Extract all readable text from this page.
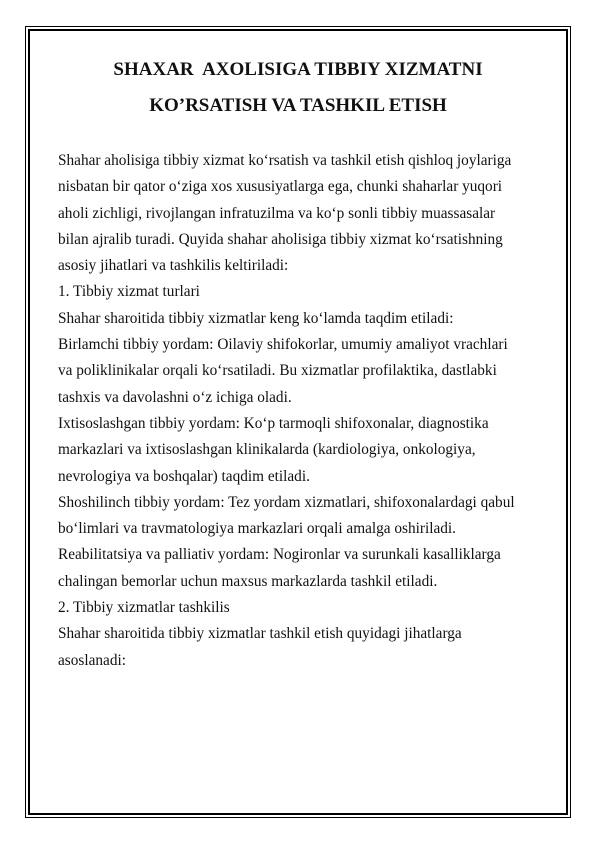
SHAXAR  AXOLISIGA TIBBIY XIZMATNI
KO’RSATISH VA TASHKIL ETISH
Shahar aholisiga tibbiy xizmat ko‘rsatish va tashkil etish qishloq joylariga
nisbatan bir qator o‘ziga xos xususiyatlarga ega, chunki shaharlar yuqori
aholi zichligi, rivojlangan infratuzilma va ko‘p sonli tibbiy muassasalar
bilan ajralib turadi. Quyida shahar aholisiga tibbiy xizmat ko‘rsatishning
asosiy jihatlari va tashkilis keltiriladi:
1. Tibbiy xizmat turlari
Shahar sharoitida tibbiy xizmatlar keng ko‘lamda taqdim etiladi:
Birlamchi tibbiy yordam: Oilaviy shifokorlar, umumiy amaliyot vrachlari
va poliklinikalar orqali ko‘rsatiladi. Bu xizmatlar profilaktika, dastlabki
tashxis va davolashni o‘z ichiga oladi.
Ixtisoslashgan tibbiy yordam: Ko‘p tarmoqli shifoxonalar, diagnostika
markazlari va ixtisoslashgan klinikalarda (kardiologiya, onkologiya,
nevrologiya va boshqalar) taqdim etiladi.
Shoshilinch tibbiy yordam: Tez yordam xizmatlari, shifoxonalardagi qabul
bo‘limlari va travmatologiya markazlari orqali amalga oshiriladi.
Reabilitatsiya va palliativ yordam: Nogironlar va surunkali kasalliklarga
chalingan bemorlar uchun maxsus markazlarda tashkil etiladi.
2. Tibbiy xizmatlar tashkilis
Shahar sharoitida tibbiy xizmatlar tashkil etish quyidagi jihatlarga
asoslanadi:
